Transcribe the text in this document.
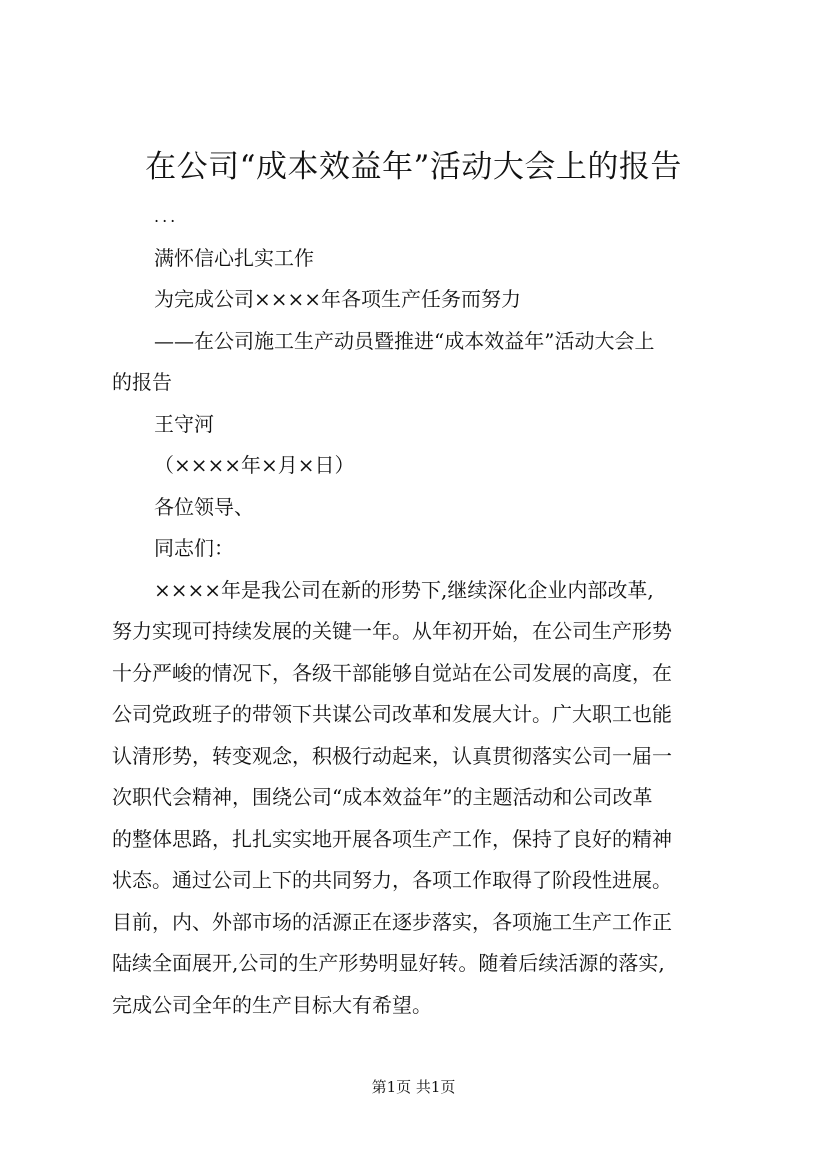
在公司“成本效益年”活动大会上的报告
...
满怀信心扎实工作
为完成公司××××年各项生产任务而努力
——在公司施工生产动员暨推进“成本效益年”活动大会上
的报告
王守河
（××××年×月×日）
各位领导、
同志们：
××××年是我公司在新的形势下,继续深化企业内部改革,
努力实现可持续发展的关键一年。从年初开始，在公司生产形势
十分严峻的情况下，各级干部能够自觉站在公司发展的高度，在
公司党政班子的带领下共谋公司改革和发展大计。广大职工也能
认清形势，转变观念，积极行动起来，认真贯彻落实公司一届一
次职代会精神，围绕公司“成本效益年”的主题活动和公司改革
的整体思路，扎扎实实地开展各项生产工作，保持了良好的精神
状态。通过公司上下的共同努力，各项工作取得了阶段性进展。
目前，内、外部市场的活源正在逐步落实，各项施工生产工作正
陆续全面展开,公司的生产形势明显好转。随着后续活源的落实,
完成公司全年的生产目标大有希望。
第1页 共1页
